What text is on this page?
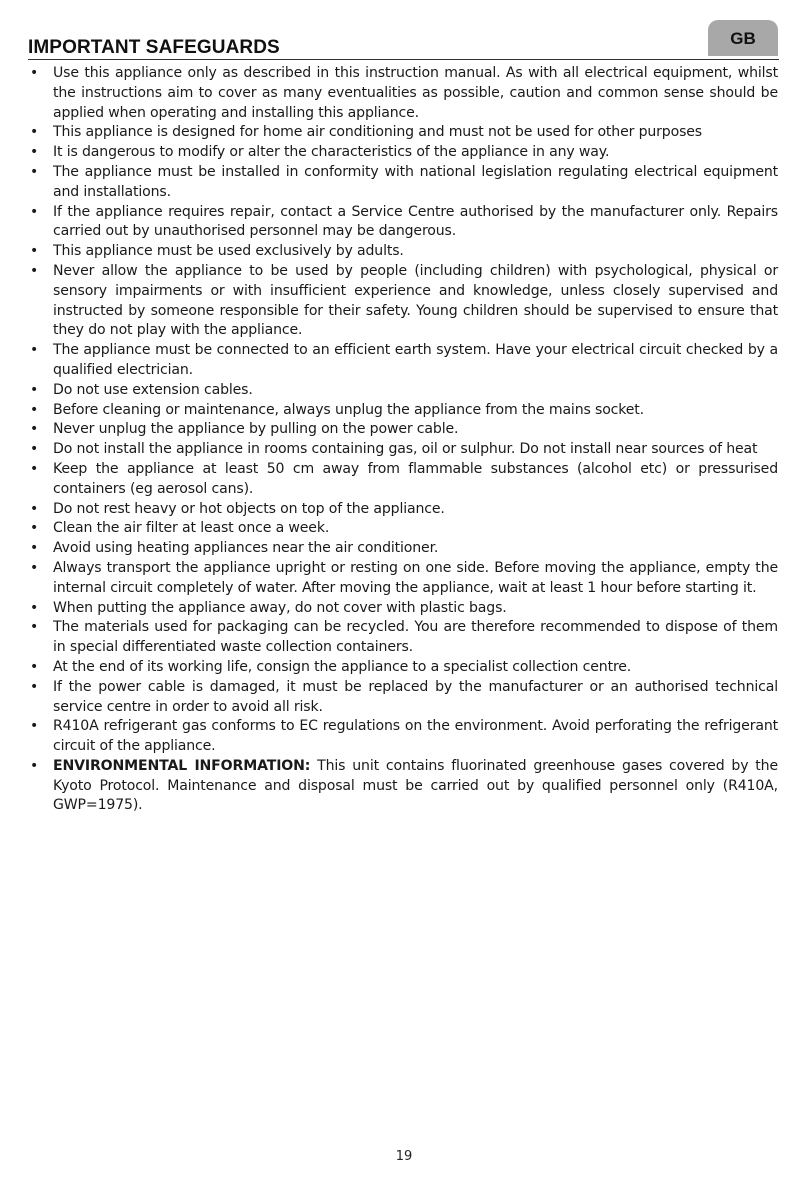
GB
IMPORTANT SAFEGUARDS
• Use this appliance only as described in this instruction manual. As with all electrical equipment, whilst the instructions aim to cover as many eventualities as possible, caution and common sense should be applied when operating and installing this appliance.
• This appliance is designed for home air conditioning and must not be used for other purposes
• It is dangerous to modify or alter the characteristics of the appliance in any way.
• The appliance must be installed in conformity with national legislation regulating electrical equipment and installations.
• If the appliance requires repair, contact a Service Centre authorised by the manufacturer only. Repairs carried out by unauthorised personnel may be dangerous.
• This appliance must be used exclusively by adults.
• Never allow the appliance to be used by people (including children) with psychological, physical or sensory impairments or with insufficient experience and knowledge, unless closely supervised and instructed by someone responsible for their safety. Young children should be supervised to ensure that they do not play with the appliance.
• The appliance must be connected to an efficient earth system. Have your electrical circuit checked by a qualified electrician.
• Do not use extension cables.
• Before cleaning or maintenance, always unplug the appliance from the mains socket.
• Never unplug the appliance by pulling on the power cable.
• Do not install the appliance in rooms containing gas, oil or sulphur. Do not install near sources of heat
• Keep the appliance at least 50 cm away from flammable substances (alcohol etc) or pressurised containers (eg aerosol cans).
• Do not rest heavy or hot objects on top of the appliance.
• Clean the air filter at least once a week.
• Avoid using heating appliances near the air conditioner.
• Always transport the appliance upright or resting on one side. Before moving the appliance, empty the internal circuit completely of water. After moving the appliance, wait at least 1 hour before starting it.
• When putting the appliance away, do not cover with plastic bags.
• The materials used for packaging can be recycled. You are therefore recommended to dispose of them in special differentiated waste collection containers.
• At the end of its working life, consign the appliance to a specialist collection centre.
• If the power cable is damaged, it must be replaced by the manufacturer or an authorised technical service centre in order to avoid all risk.
• R410A refrigerant gas conforms to EC regulations on the environment. Avoid perforating the refrigerant circuit of the appliance.
• ENVIRONMENTAL INFORMATION: This unit contains fluorinated greenhouse gases covered by the Kyoto Protocol. Maintenance and disposal must be carried out by qualified personnel only (R410A, GWP=1975).
19
